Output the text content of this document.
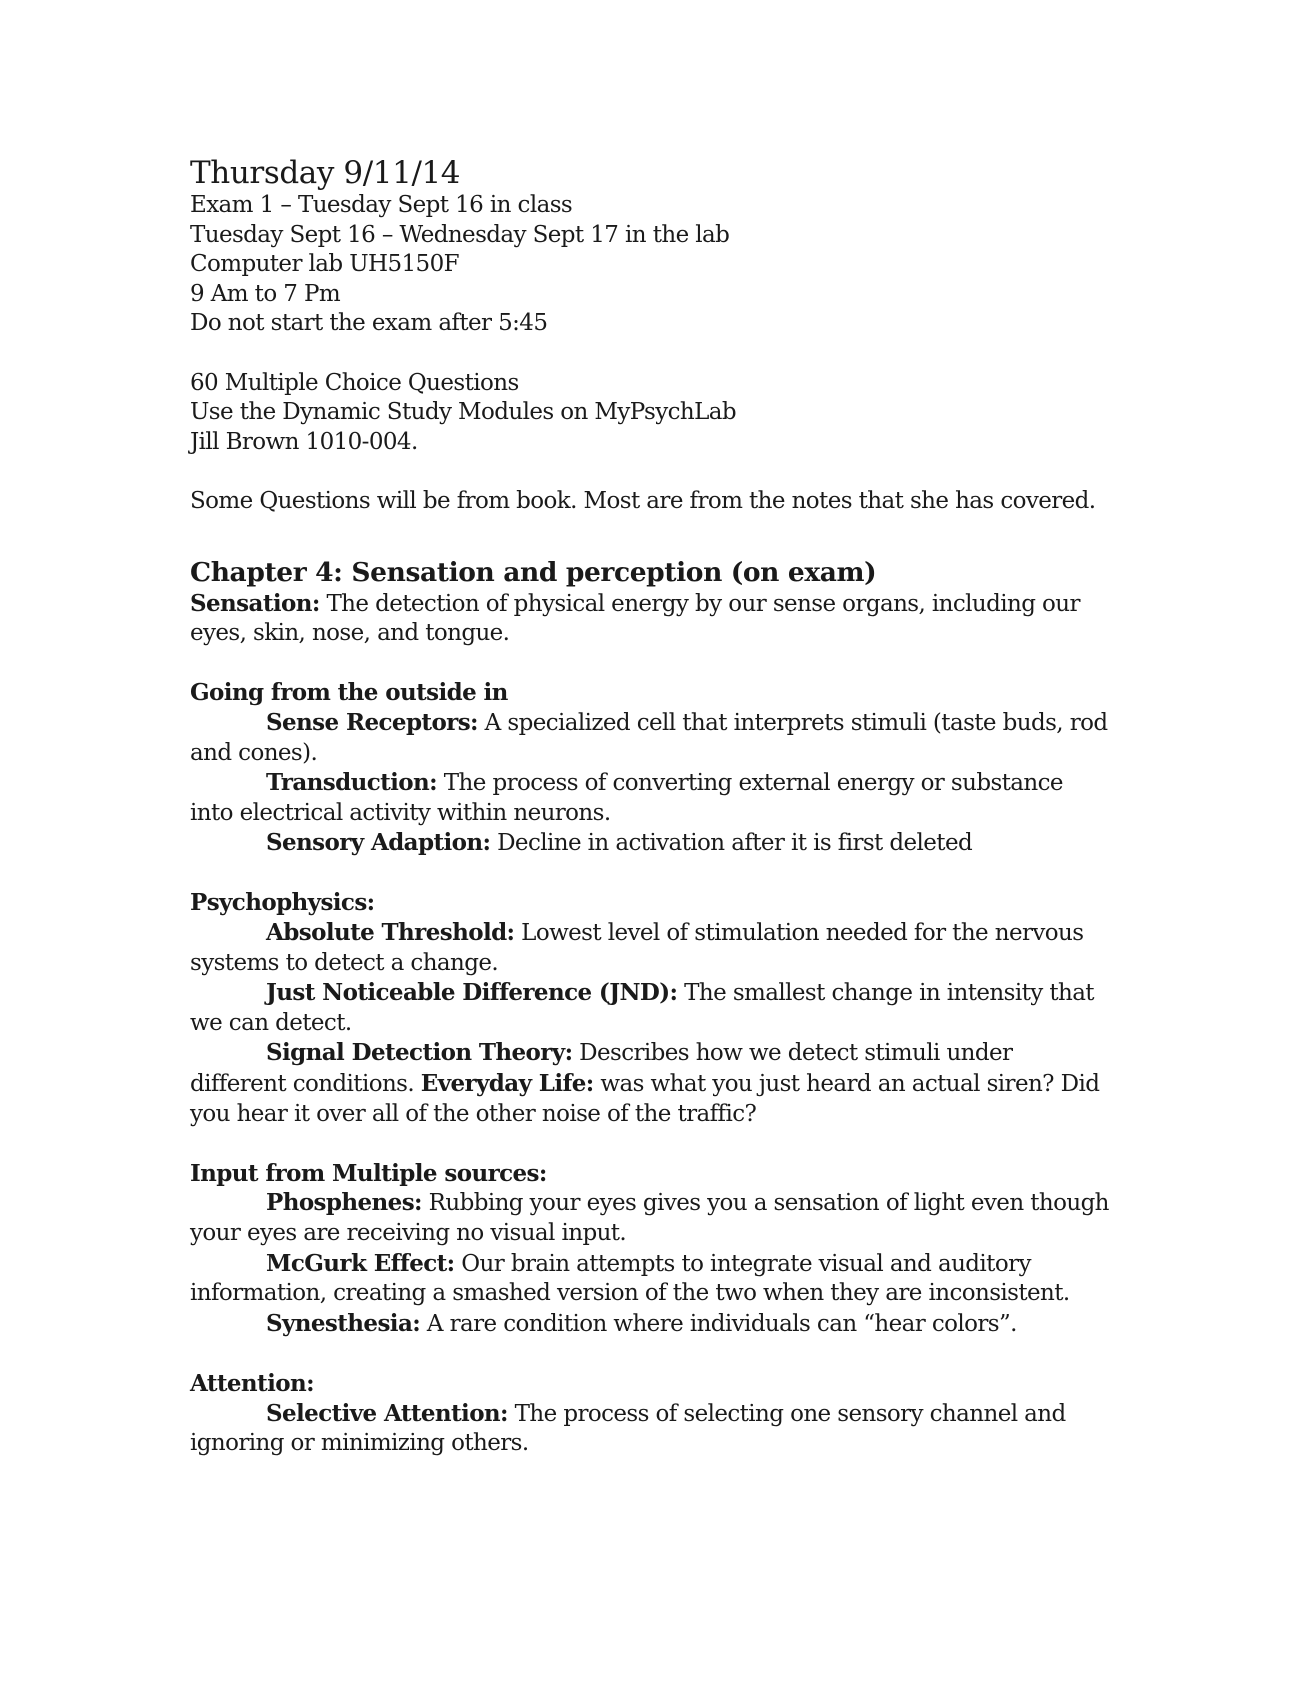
Thursday 9/11/14

Exam 1 – Tuesday Sept 16 in class

Tuesday Sept 16 – Wednesday Sept 17 in the lab

Computer lab UH5150F

9 Am to 7 Pm

Do not start the exam after 5:45

60 Multiple Choice Questions

Use the Dynamic Study Modules on MyPsychLab

Jill Brown 1010-004.

Some Questions will be from book. Most are from the notes that she has covered.

Chapter 4: Sensation and perception (on exam)

Sensation: The detection of physical energy by our sense organs, including our eyes, skin, nose, and tongue.

Going from the outside in

Sense Receptors: A specialized cell that interprets stimuli (taste buds, rod and cones).

Transduction: The process of converting external energy or substance into electrical activity within neurons.

Sensory Adaption: Decline in activation after it is first deleted

Psychophysics:

Absolute Threshold: Lowest level of stimulation needed for the nervous systems to detect a change.

Just Noticeable Difference (JND): The smallest change in intensity that we can detect.

Signal Detection Theory: Describes how we detect stimuli under different conditions. Everyday Life: was what you just heard an actual siren? Did you hear it over all of the other noise of the traffic?

Input from Multiple sources:

Phosphenes: Rubbing your eyes gives you a sensation of light even though your eyes are receiving no visual input.

McGurk Effect: Our brain attempts to integrate visual and auditory information, creating a smashed version of the two when they are inconsistent.

Synesthesia: A rare condition where individuals can “hear colors”.

Attention:

Selective Attention: The process of selecting one sensory channel and ignoring or minimizing others.
